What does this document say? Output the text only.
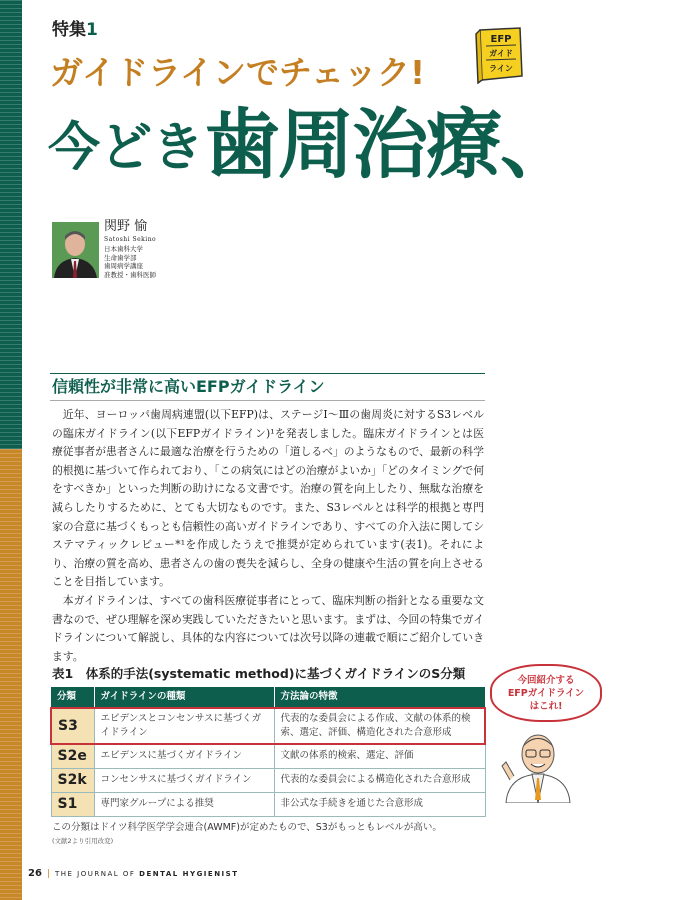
特集1
ガイドラインでチェック!
EFP
ガイド
ライン
今どき歯周治療、
関野 愉
Satoshi Sekino
日本歯科大学
生命歯学部
歯周病学講座
准教授・歯科医師
信頼性が非常に高いEFPガイドライン

近年、ヨーロッパ歯周病連盟(以下EFP)は、ステージⅠ〜Ⅲの歯周炎に対するS3レベルの臨床ガイドライン(以下EFPガイドライン)¹を発表しました。臨床ガイドラインとは医療従事者が患者さんに最適な治療を行うための「道しるべ」のようなもので、最新の科学的根拠に基づいて作られており、「この病気にはどの治療がよいか」「どのタイミングで何をすべきか」といった判断の助けになる文書です。治療の質を向上したり、無駄な治療を減らしたりするために、とても大切なものです。また、S3レベルとは科学的根拠と専門家の合意に基づくもっとも信頼性の高いガイドラインであり、すべての介入法に関してシステマティックレビュー*¹を作成したうえで推奨が定められています(表1)。それにより、治療の質を高め、患者さんの歯の喪失を減らし、全身の健康や生活の質を向上させることを目指しています。

本ガイドラインは、すべての歯科医療従事者にとって、臨床判断の指針となる重要な文書なので、ぜひ理解を深め実践していただきたいと思います。まずは、今回の特集でガイドラインについて解説し、具体的な内容については次号以降の連載で順にご紹介していきます。

表1　体系的手法(systematic method)に基づくガイドラインのS分類
分類	ガイドラインの種類	方法論の特徴
S3	エビデンスとコンセンサスに基づくガイドライン	代表的な委員会による作成、文献の体系的検索、選定、評価、構造化された合意形成
S2e	エビデンスに基づくガイドライン	文献の体系的検索、選定、評価
S2k	コンセンサスに基づくガイドライン	代表的な委員会による構造化された合意形成
S1	専門家グループによる推奨	非公式な手続きを通じた合意形成
この分類はドイツ科学医学学会連合(AWMF)が定めたもので、S3がもっともレベルが高い。
(文献2より引用改変)
今回紹介する
EFPガイドライン
はこれ!
26 | THE JOURNAL OF DENTAL HYGIENIST
